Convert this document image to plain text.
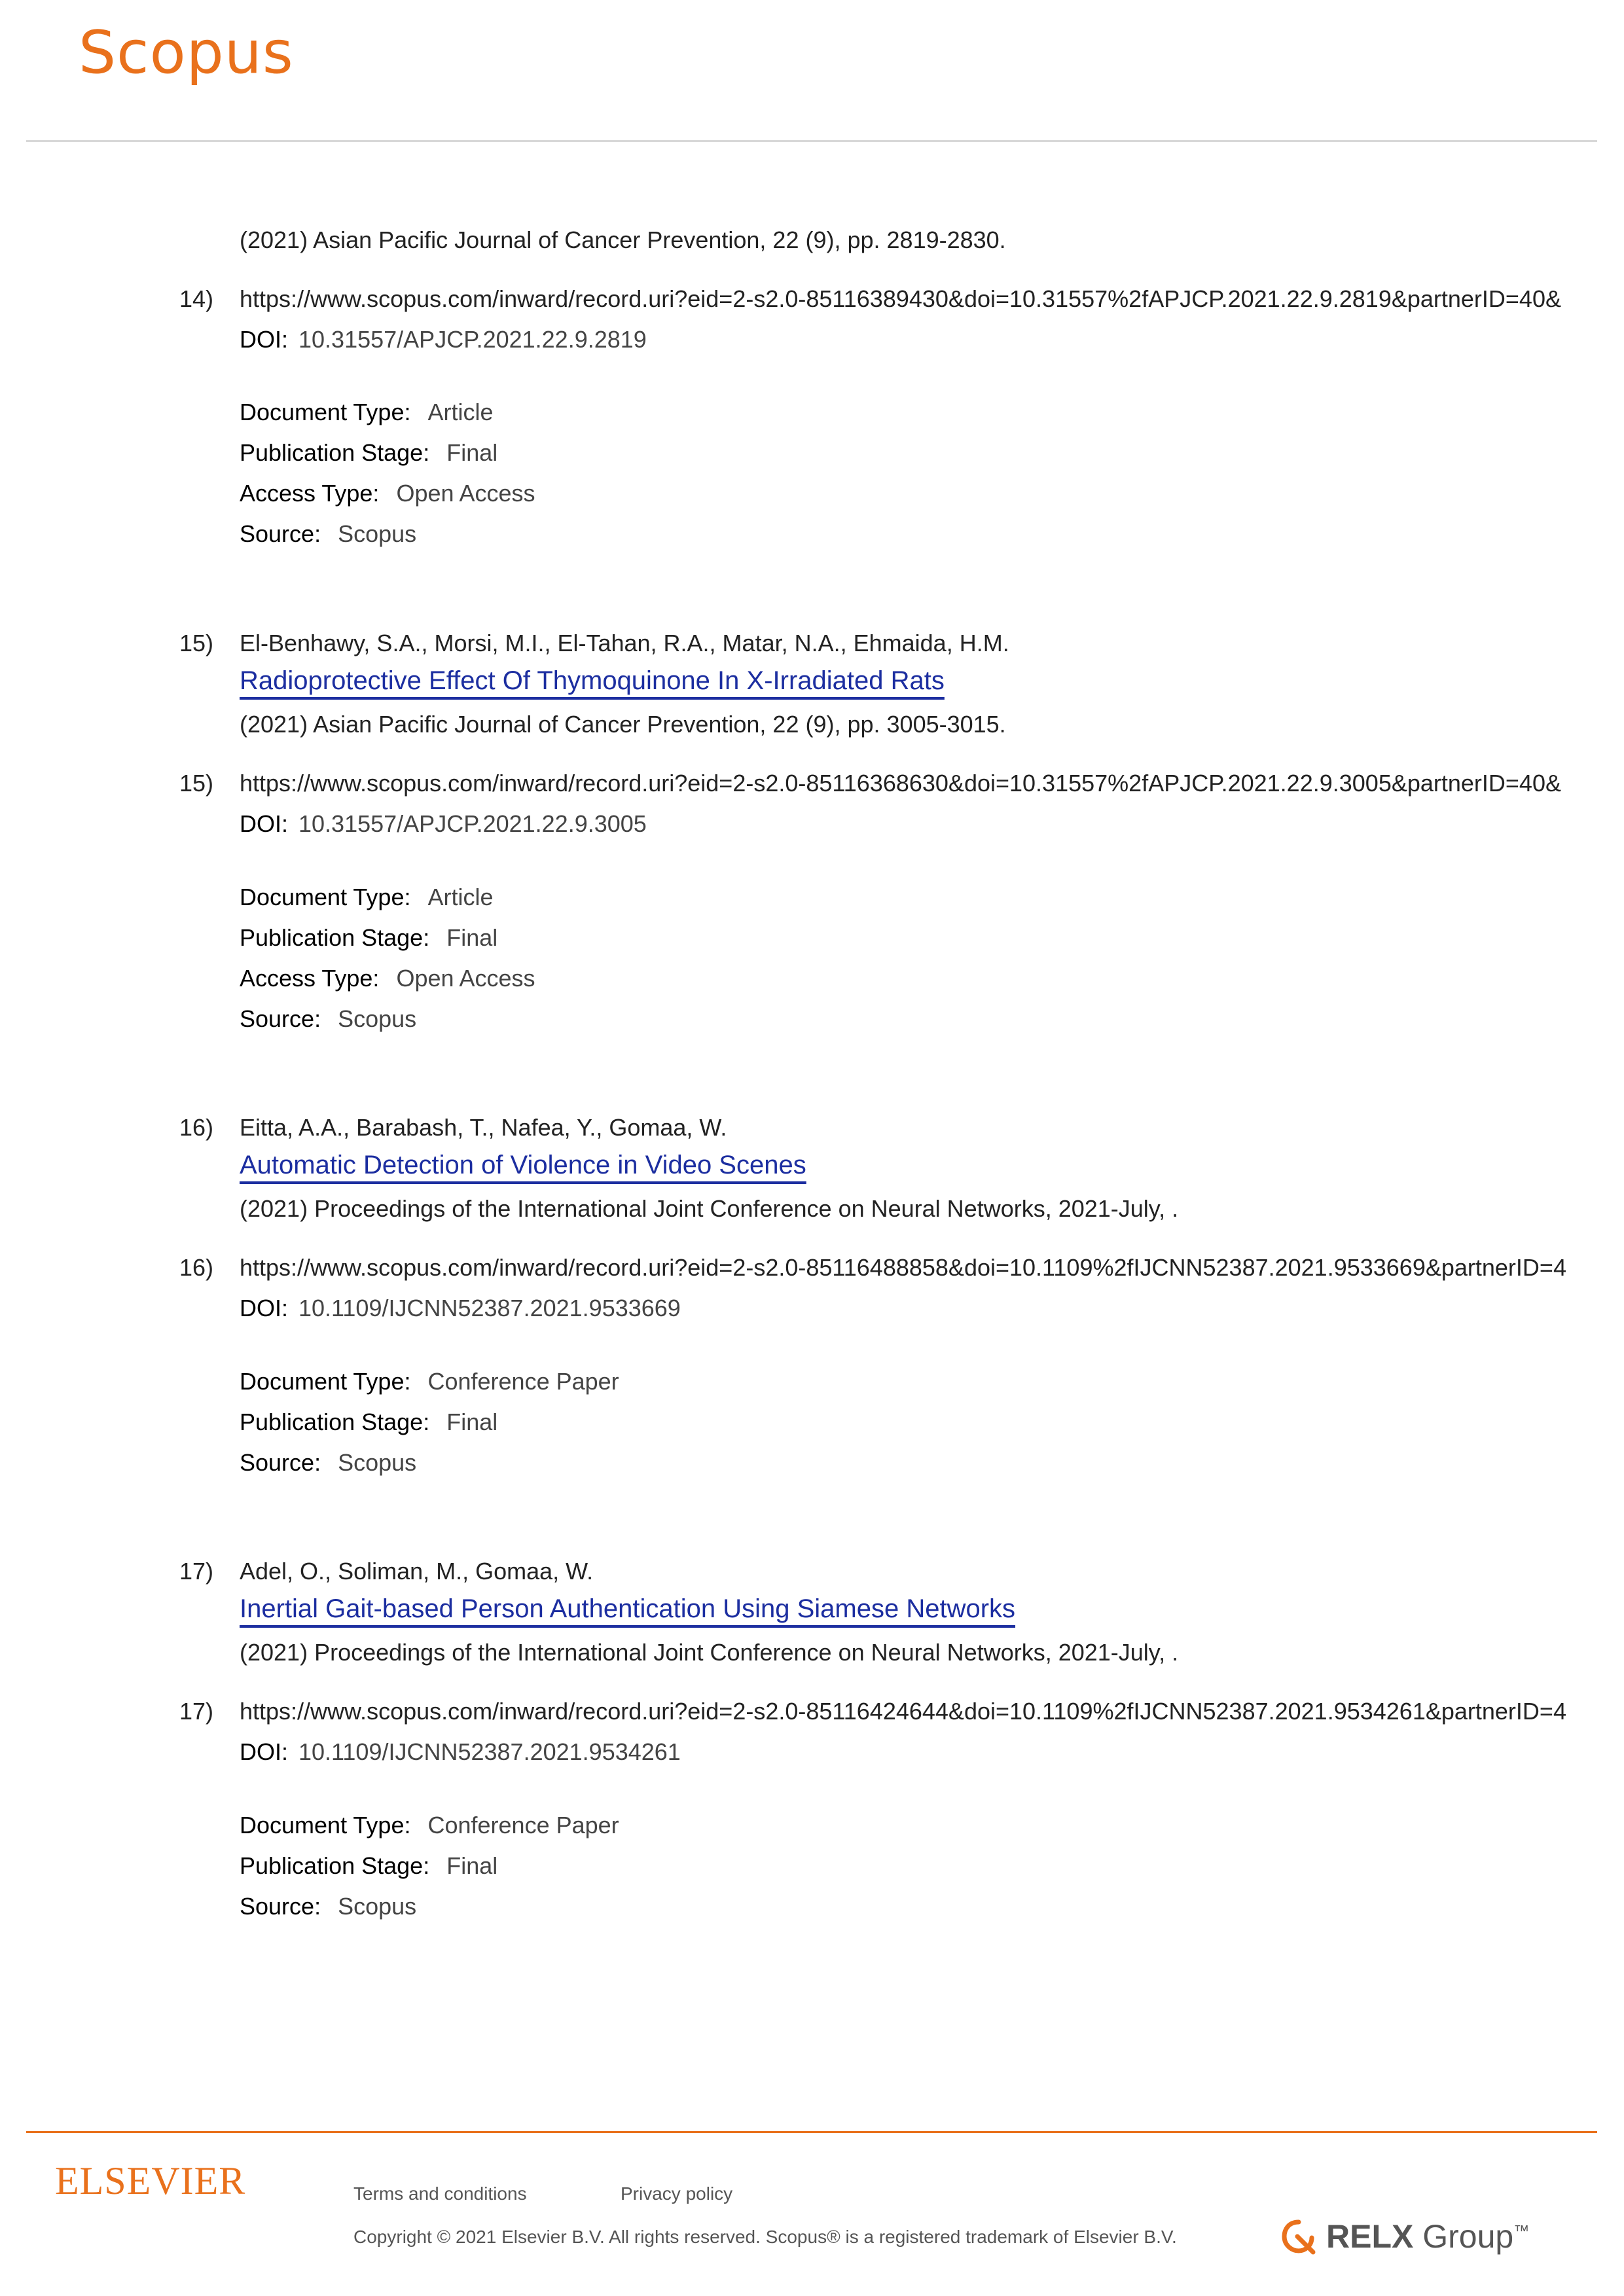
Scopus
(2021) Asian Pacific Journal of Cancer Prevention, 22 (9), pp. 2819-2830.
14) https://www.scopus.com/inward/record.uri?eid=2-s2.0-85116389430&doi=10.31557%2fAPJCP.2021.22.9.2819&partnerID=40&
DOI: 10.31557/APJCP.2021.22.9.2819
Document Type: Article
Publication Stage: Final
Access Type: Open Access
Source: Scopus
15) El-Benhawy, S.A., Morsi, M.I., El-Tahan, R.A., Matar, N.A., Ehmaida, H.M.
Radioprotective Effect Of Thymoquinone In X-Irradiated Rats
(2021) Asian Pacific Journal of Cancer Prevention, 22 (9), pp. 3005-3015.
15) https://www.scopus.com/inward/record.uri?eid=2-s2.0-85116368630&doi=10.31557%2fAPJCP.2021.22.9.3005&partnerID=40&
DOI: 10.31557/APJCP.2021.22.9.3005
Document Type: Article
Publication Stage: Final
Access Type: Open Access
Source: Scopus
16) Eitta, A.A., Barabash, T., Nafea, Y., Gomaa, W.
Automatic Detection of Violence in Video Scenes
(2021) Proceedings of the International Joint Conference on Neural Networks, 2021-July, .
16) https://www.scopus.com/inward/record.uri?eid=2-s2.0-85116488858&doi=10.1109%2fIJCNN52387.2021.9533669&partnerID=4
DOI: 10.1109/IJCNN52387.2021.9533669
Document Type: Conference Paper
Publication Stage: Final
Source: Scopus
17) Adel, O., Soliman, M., Gomaa, W.
Inertial Gait-based Person Authentication Using Siamese Networks
(2021) Proceedings of the International Joint Conference on Neural Networks, 2021-July, .
17) https://www.scopus.com/inward/record.uri?eid=2-s2.0-85116424644&doi=10.1109%2fIJCNN52387.2021.9534261&partnerID=4
DOI: 10.1109/IJCNN52387.2021.9534261
Document Type: Conference Paper
Publication Stage: Final
Source: Scopus
ELSEVIER	Terms and conditions	Privacy policy
Copyright © 2021 Elsevier B.V. All rights reserved. Scopus® is a registered trademark of Elsevier B.V.	RELX Group™
